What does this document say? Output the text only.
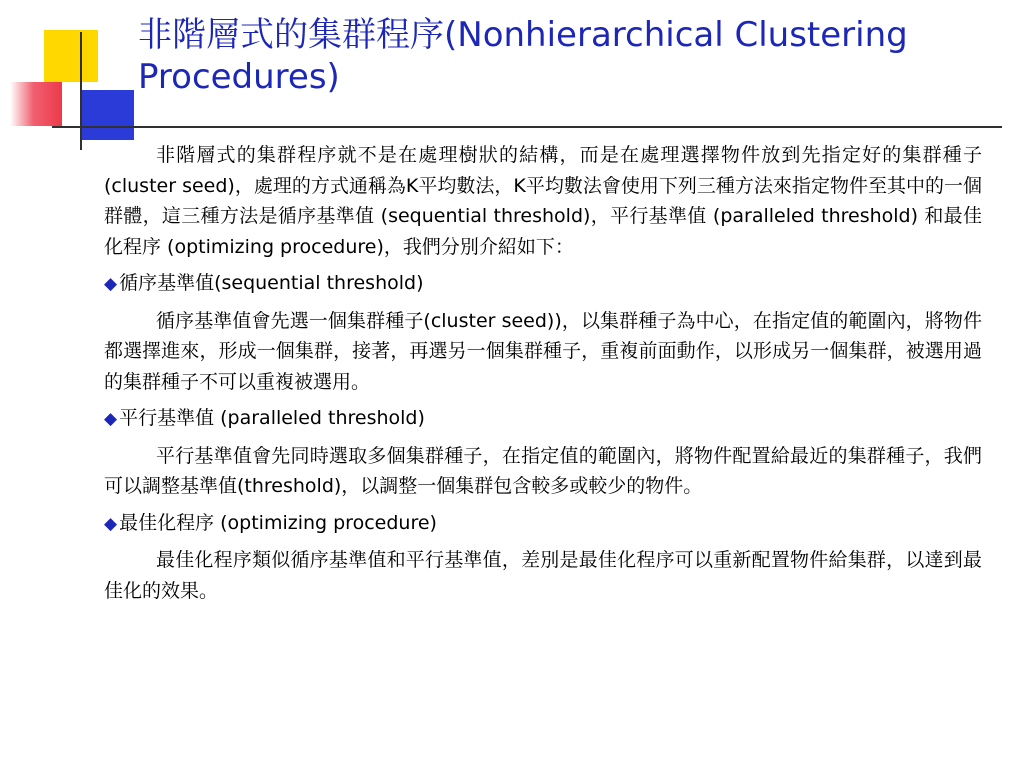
非階層式的集群程序(Nonhierarchical Clustering Procedures)

非階層式的集群程序就不是在處理樹狀的結構，而是在處理選擇物件放到先指定好的集群種子(cluster seed)，處理的方式通稱為K平均數法，K平均數法會使用下列三種方法來指定物件至其中的一個群體，這三種方法是循序基準值 (sequential threshold)，平行基準值 (paralleled threshold) 和最佳化程序 (optimizing procedure)，我們分別介紹如下：

◆ 循序基準值(sequential threshold)

循序基準值會先選一個集群種子(cluster seed))，以集群種子為中心，在指定值的範圍內，將物件都選擇進來，形成一個集群，接著，再選另一個集群種子，重複前面動作，以形成另一個集群，被選用過的集群種子不可以重複被選用。

◆ 平行基準值 (paralleled threshold)

平行基準值會先同時選取多個集群種子，在指定值的範圍內，將物件配置給最近的集群種子，我們可以調整基準值(threshold)，以調整一個集群包含較多或較少的物件。

◆ 最佳化程序 (optimizing procedure)

最佳化程序類似循序基準值和平行基準值，差別是最佳化程序可以重新配置物件給集群，以達到最佳化的效果。
